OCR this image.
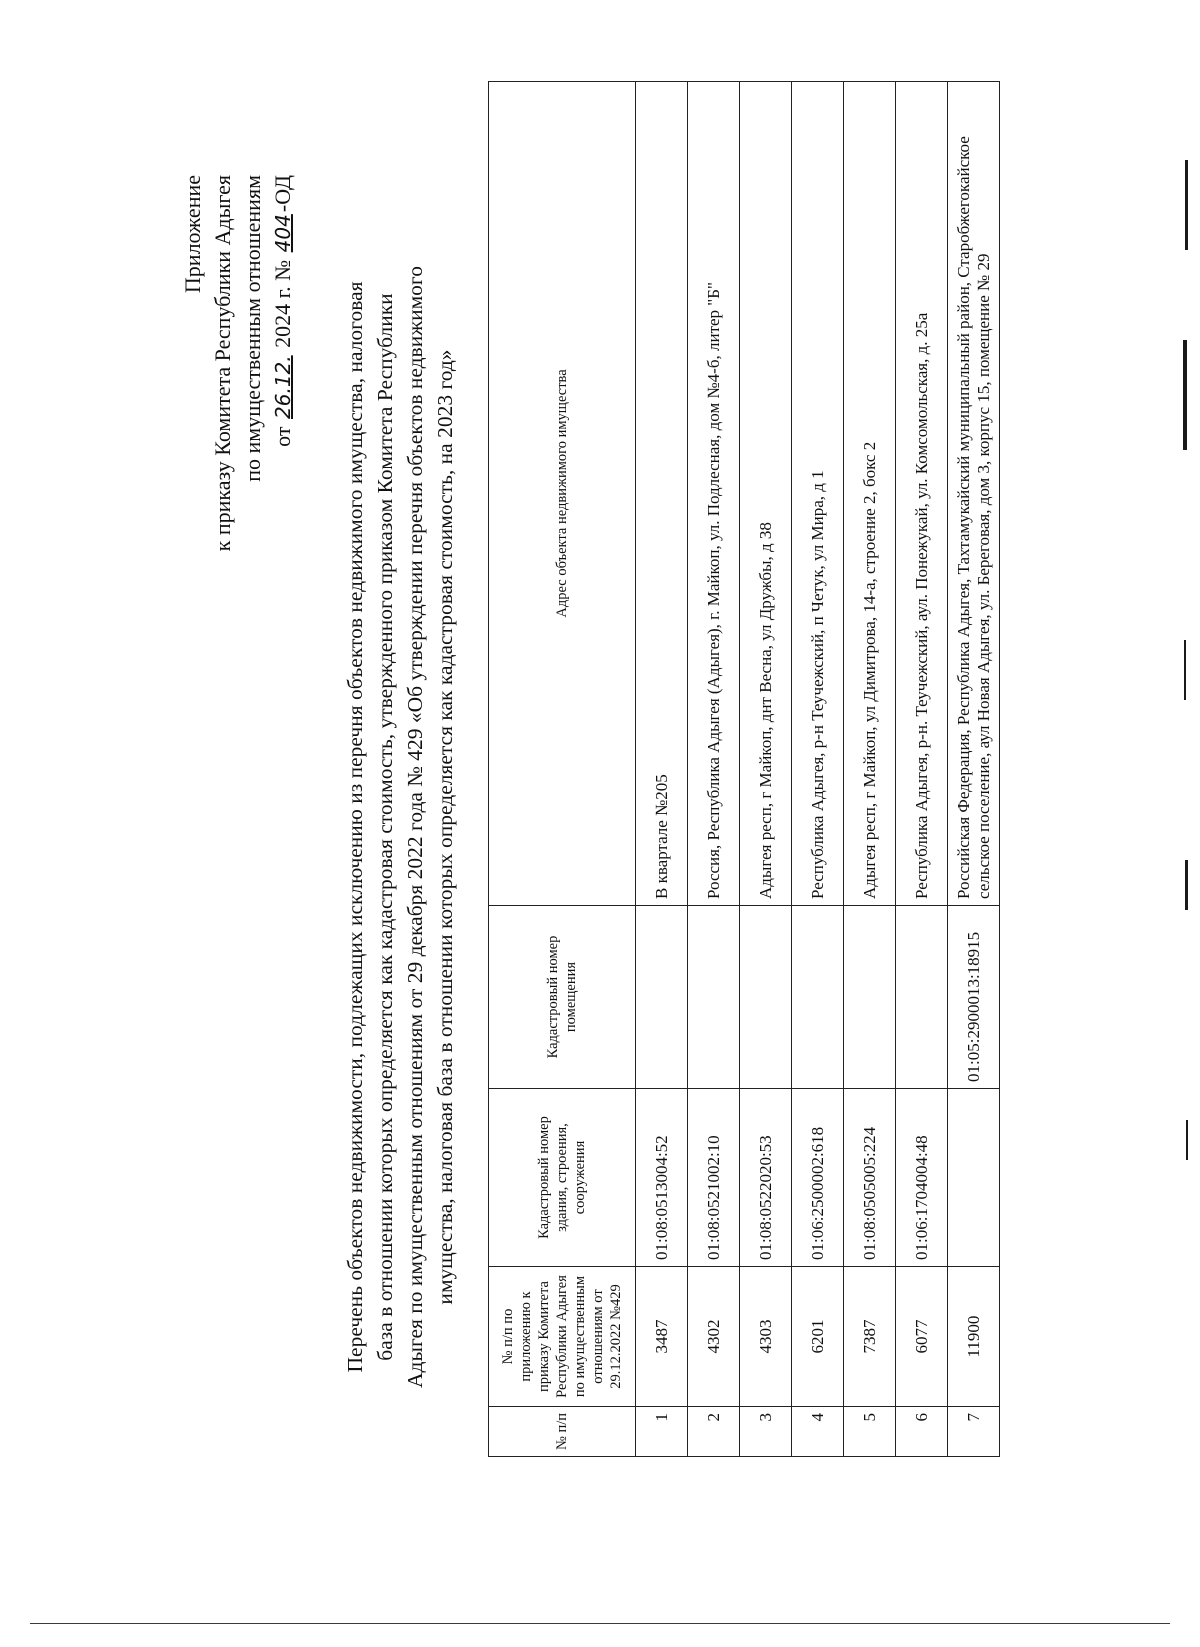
Приложение к приказу Комитета Республики Адыгея по имущественным отношениям от 26.12. 2024 г. № 404-ОД
Перечень объектов недвижимости, подлежащих исключению из перечня объектов недвижимого имущества, налоговая база в отношении которых определяется как кадастровая стоимость, утвержденного приказом Комитета Республики Адыгея по имущественным отношениям от 29 декабря 2022 года № 429 «Об утверждении перечня объектов недвижимого имущества, налоговая база в отношении которых определяется как кадастровая стоимость, на 2023 год»
№ п/п	№ п/п по приложению к приказу Комитета Республики Адыгея по имущественным отношениям от 29.12.2022 №429	Кадастровый номер здания, строения, сооружения	Кадастровый номер помещения	Адрес объекта недвижимого имущества
1	3487	01:08:0513004:52		В квартале №205
2	4302	01:08:0521002:10		Россия, Республика Адыгея (Адыгея), г. Майкоп, ул. Подлесная, дом №4-б, литер "Б"
3	4303	01:08:0522020:53		Адыгея респ, г Майкоп, днт Весна, ул Дружбы, д 38
4	6201	01:06:2500002:618		Республика Адыгея, р-н Теучежский, п Четук, ул Мира, д 1
5	7387	01:08:0505005:224		Адыгея респ, г Майкоп, ул Димитрова, 14-а, строение 2, бокс 2
6	6077	01:06:1704004:48		Республика Адыгея, р-н. Теучежский, аул. Понежукай, ул. Комсомольская, д. 25а
7	11900		01:05:2900013:18915	Российская Федерация, Республика Адыгея, Тахтамукайский муниципальный район, Старобжегокайское сельское поселение, аул Новая Адыгея, ул. Береговая, дом 3, корпус 15, помещение № 29
